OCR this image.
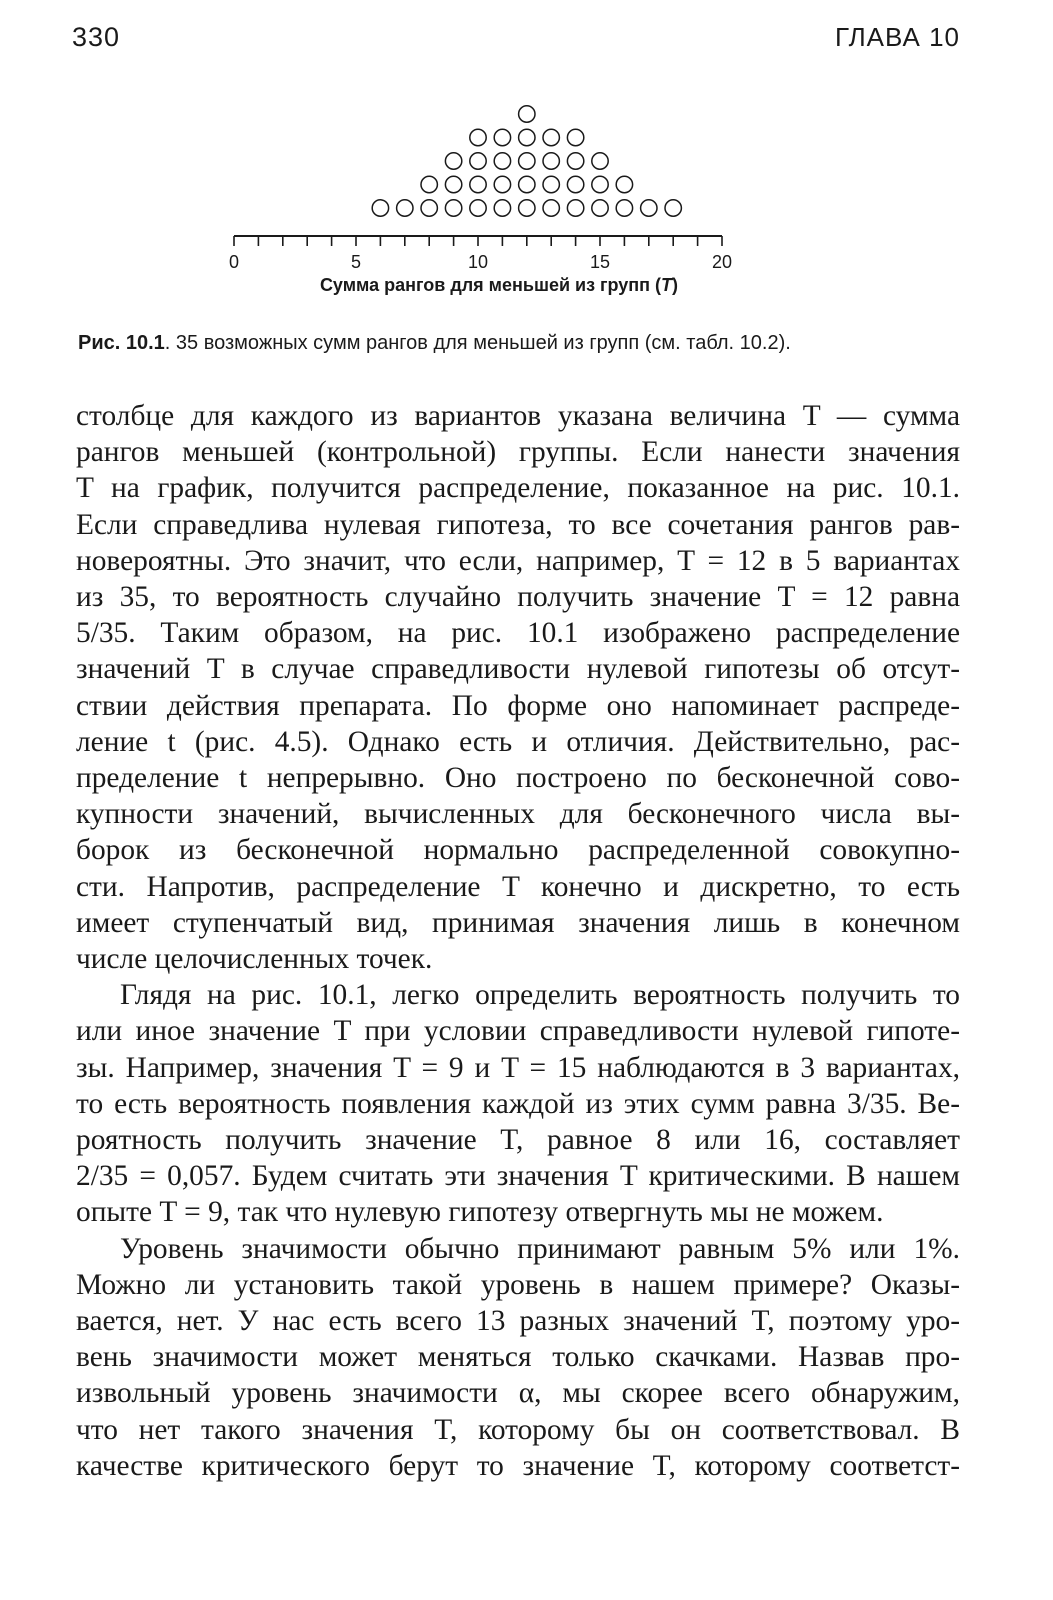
330	ГЛАВА 10
0	5	10	15	20
Сумма рангов для меньшей из групп (T)
Рис. 10.1. 35 возможных сумм рангов для меньшей из групп (см. табл. 10.2).

столбце для каждого из вариантов указана величина T — сумма

рангов меньшей (контрольной) группы. Если нанести значения

T на график, получится распределение, показанное на рис. 10.1.

Если справедлива нулевая гипотеза, то все сочетания рангов рав-

новероятны. Это значит, что если, например, T = 12 в 5 вариантах

из 35, то вероятность случайно получить значение T = 12 равна

5/35. Таким образом, на рис. 10.1 изображено распределение

значений T в случае справедливости нулевой гипотезы об отсут-

ствии действия препарата. По форме оно напоминает распреде-

ление t (рис. 4.5). Однако есть и отличия. Действительно, рас-

пределение t непрерывно. Оно построено по бесконечной сово-

купности значений, вычисленных для бесконечного числа вы-

борок из бесконечной нормально распределенной совокупно-

сти. Напротив, распределение T конечно и дискретно, то есть

имеет ступенчатый вид, принимая значения лишь в конечном

числе целочисленных точек.

Глядя на рис. 10.1, легко определить вероятность получить то

или иное значение T при условии справедливости нулевой гипоте-

зы. Например, значения T = 9 и T = 15 наблюдаются в 3 вариантах,

то есть вероятность появления каждой из этих сумм равна 3/35. Ве-

роятность получить значение T, равное 8 или 16, составляет

2/35 = 0,057. Будем считать эти значения T критическими. В нашем

опыте T = 9, так что нулевую гипотезу отвергнуть мы не можем.

Уровень значимости обычно принимают равным 5% или 1%.

Можно ли установить такой уровень в нашем примере? Оказы-

вается, нет. У нас есть всего 13 разных значений T, поэтому уро-

вень значимости может меняться только скачками. Назвав про-

извольный уровень значимости α, мы скорее всего обнаружим,

что нет такого значения T, которому бы он соответствовал. В

качестве критического берут то значение T, которому соответст-
